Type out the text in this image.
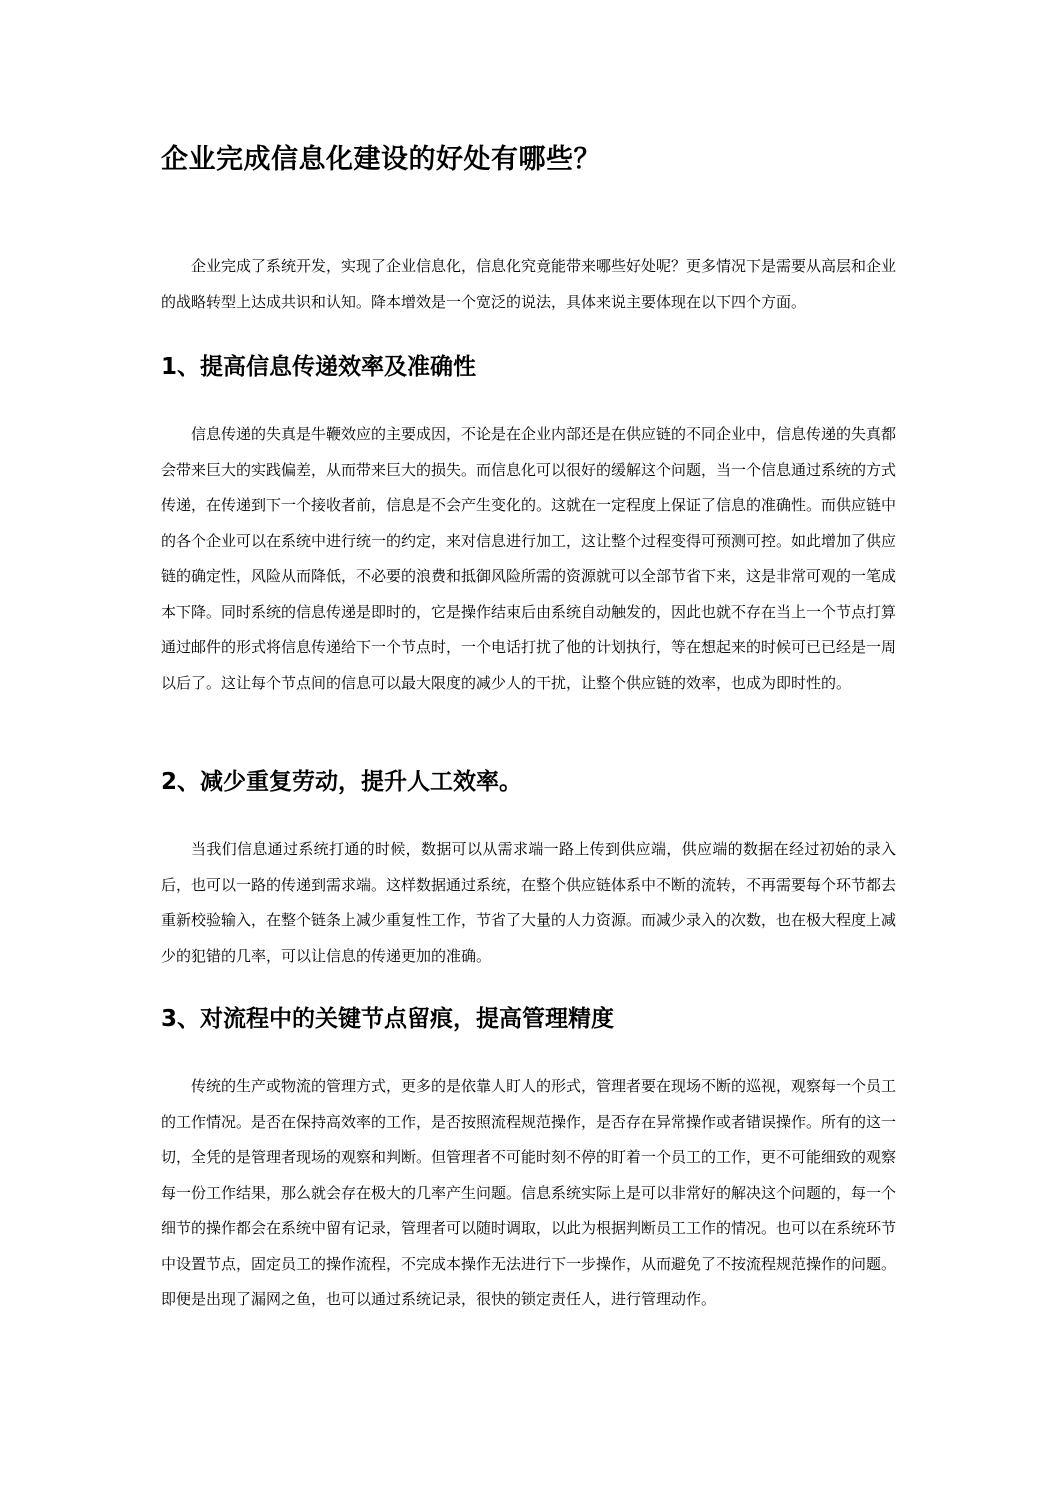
企业完成信息化建设的好处有哪些？

企业完成了系统开发，实现了企业信息化，信息化究竟能带来哪些好处呢？更多情况下是需要从高层和企业的战略转型上达成共识和认知。降本增效是一个宽泛的说法，具体来说主要体现在以下四个方面。

1、提高信息传递效率及准确性

信息传递的失真是牛鞭效应的主要成因，不论是在企业内部还是在供应链的不同企业中，信息传递的失真都会带来巨大的实践偏差，从而带来巨大的损失。而信息化可以很好的缓解这个问题，当一个信息通过系统的方式传递，在传递到下一个接收者前，信息是不会产生变化的。这就在一定程度上保证了信息的准确性。而供应链中的各个企业可以在系统中进行统一的约定，来对信息进行加工，这让整个过程变得可预测可控。如此增加了供应链的确定性，风险从而降低，不必要的浪费和抵御风险所需的资源就可以全部节省下来，这是非常可观的一笔成本下降。同时系统的信息传递是即时的，它是操作结束后由系统自动触发的，因此也就不存在当上一个节点打算通过邮件的形式将信息传递给下一个节点时，一个电话打扰了他的计划执行，等在想起来的时候可已已经是一周以后了。这让每个节点间的信息可以最大限度的减少人的干扰，让整个供应链的效率，也成为即时性的。

2、减少重复劳动，提升人工效率。

当我们信息通过系统打通的时候，数据可以从需求端一路上传到供应端，供应端的数据在经过初始的录入后，也可以一路的传递到需求端。这样数据通过系统，在整个供应链体系中不断的流转，不再需要每个环节都去重新校验输入，在整个链条上减少重复性工作，节省了大量的人力资源。而减少录入的次数，也在极大程度上减少的犯错的几率，可以让信息的传递更加的准确。

3、对流程中的关键节点留痕，提高管理精度

传统的生产或物流的管理方式，更多的是依靠人盯人的形式，管理者要在现场不断的巡视，观察每一个员工的工作情况。是否在保持高效率的工作，是否按照流程规范操作，是否存在异常操作或者错误操作。所有的这一切，全凭的是管理者现场的观察和判断。但管理者不可能时刻不停的盯着一个员工的工作，更不可能细致的观察每一份工作结果，那么就会存在极大的几率产生问题。信息系统实际上是可以非常好的解决这个问题的，每一个细节的操作都会在系统中留有记录，管理者可以随时调取，以此为根据判断员工工作的情况。也可以在系统环节中设置节点，固定员工的操作流程，不完成本操作无法进行下一步操作，从而避免了不按流程规范操作的问题。即便是出现了漏网之鱼，也可以通过系统记录，很快的锁定责任人，进行管理动作。
